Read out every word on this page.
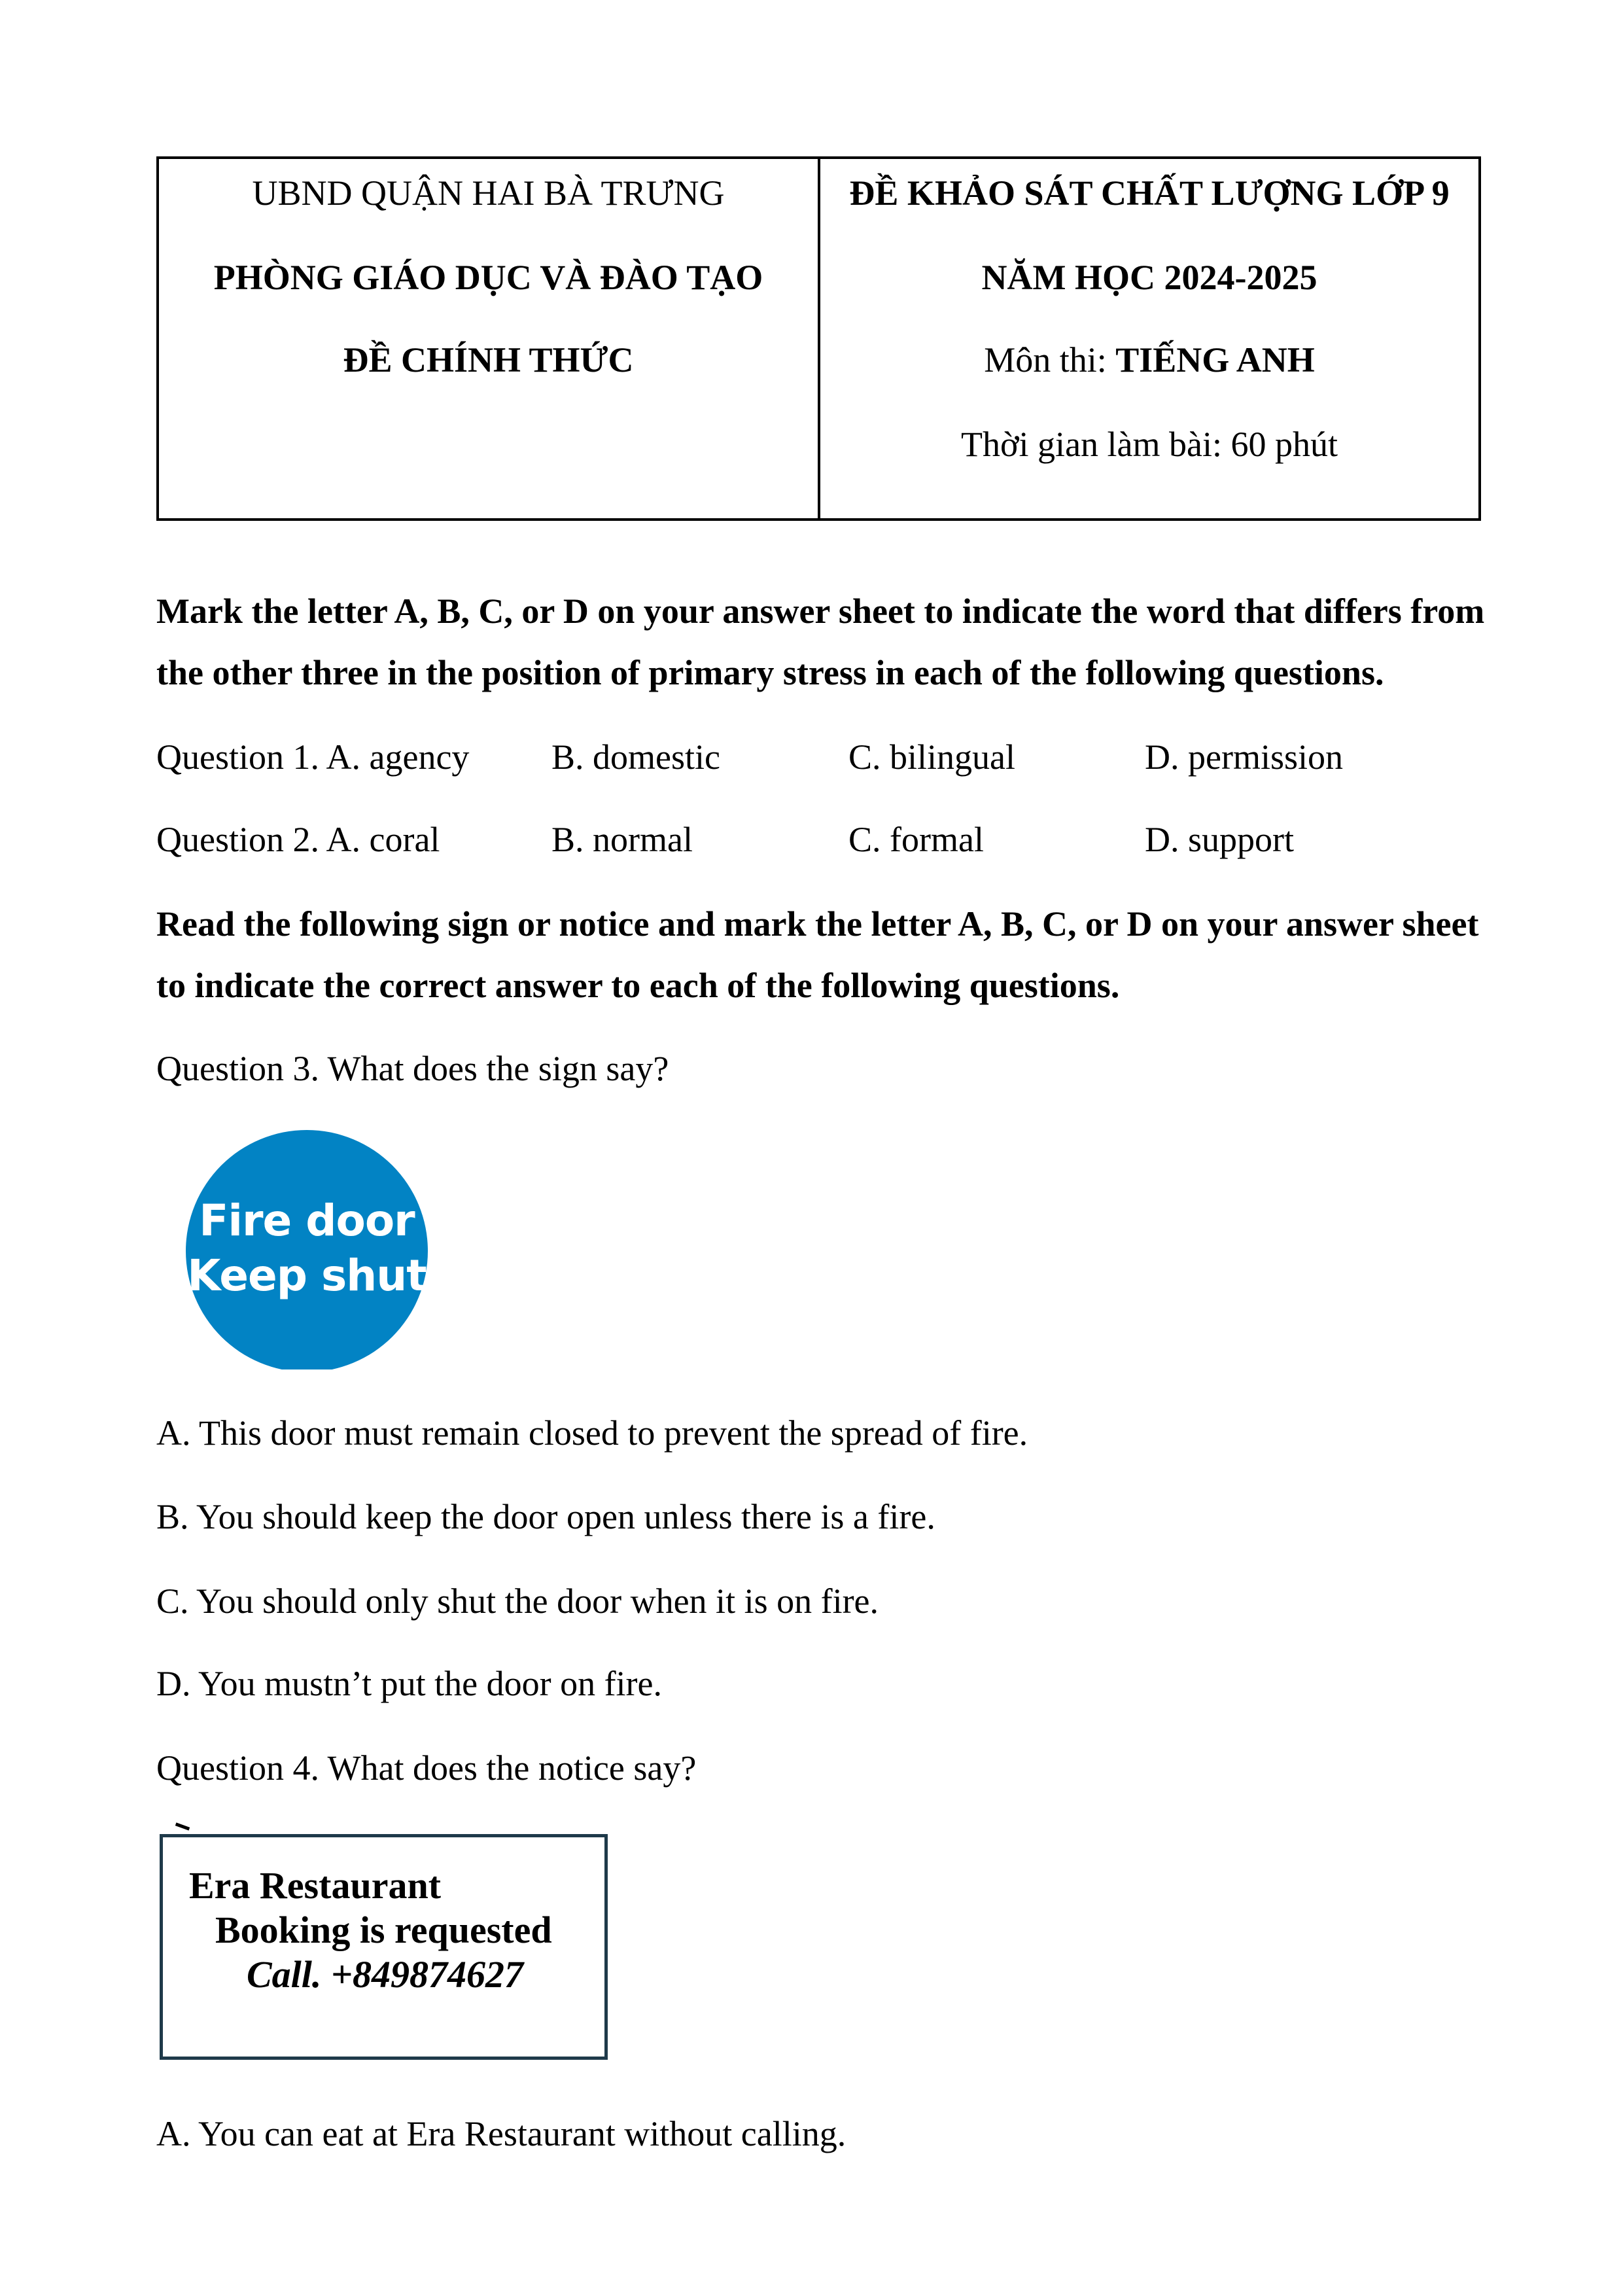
UBND QUẬN HAI BÀ TRƯNG
PHÒNG GIÁO DỤC VÀ ĐÀO TẠO
ĐỀ CHÍNH THỨC
ĐỀ KHẢO SÁT CHẤT LƯỢNG LỚP 9
NĂM HỌC 2024-2025
Môn thi: TIẾNG ANH
Thời gian làm bài: 60 phút
Mark the letter A, B, C, or D on your answer sheet to indicate the word that differs from
the other three in the position of primary stress in each of the following questions.
Question 1. A. agency B. domestic	C. bilingual	D. permission
Question 2. A. coral	B. normal	C. formal	D. support
Read the following sign or notice and mark the letter A, B, C, or D on your answer sheet
to indicate the correct answer to each of the following questions.
Question 3. What does the sign say?
Fire door
Keep shut
A. This door must remain closed to prevent the spread of fire.
B. You should keep the door open unless there is a fire.
C. You should only shut the door when it is on fire.
D. You mustn’t put the door on fire.
Question 4. What does the notice say?
Era Restaurant
Booking is requested
Call. +849874627
A. You can eat at Era Restaurant without calling.
